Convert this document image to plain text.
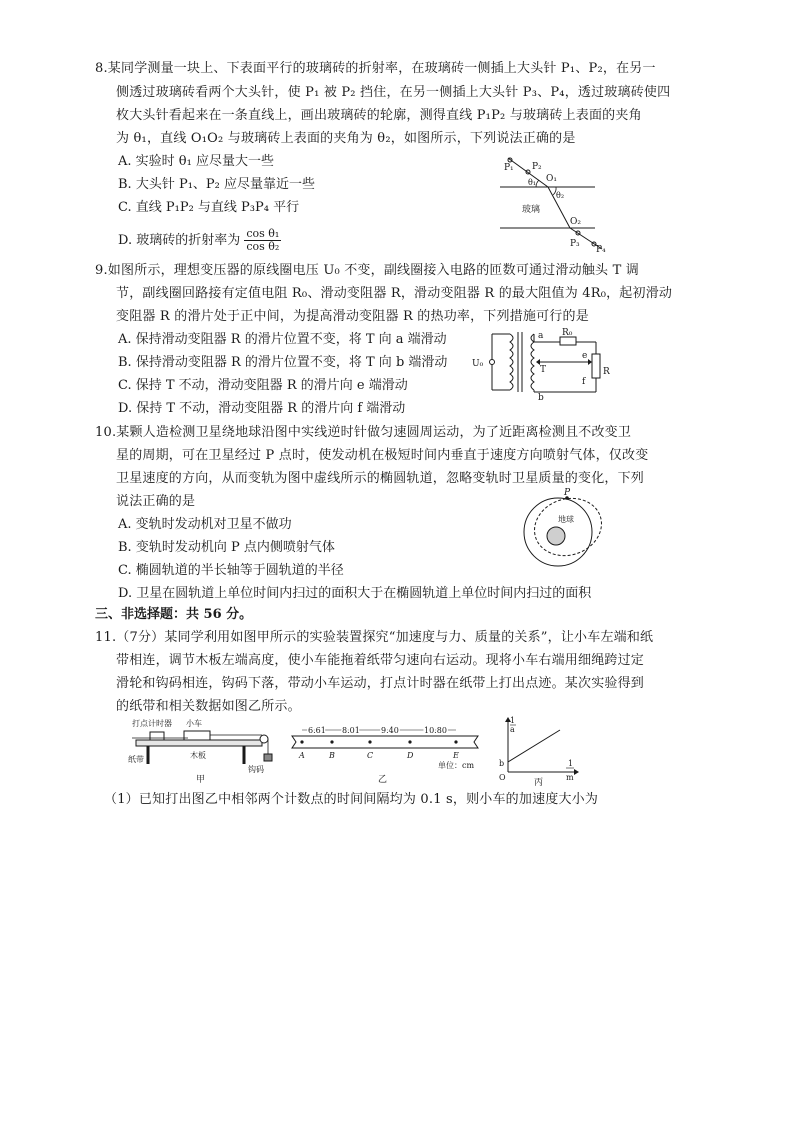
8.某同学测量一块上、下表面平行的玻璃砖的折射率，在玻璃砖一侧插上大头针 P₁、P₂，在另一
侧透过玻璃砖看两个大头针，使 P₁ 被 P₂ 挡住，在另一侧插上大头针 P₃、P₄，透过玻璃砖使四
枚大头针看起来在一条直线上，画出玻璃砖的轮廓，测得直线 P₁P₂ 与玻璃砖上表面的夹角
为 θ₁，直线 O₁O₂ 与玻璃砖上表面的夹角为 θ₂，如图所示，下列说法正确的是
A. 实验时 θ₁ 应尽量大一些
B. 大头针 P₁、P₂ 应尽量靠近一些
C. 直线 P₁P₂ 与直线 P₃P₄ 平行
D. 玻璃砖的折射率为 $\frac{\text{cos θ₁}}{\text{cos θ₂}}$
P₁ P₂
θ₁ O₁
θ₂
玻璃
O₂
P₃
P₄
9.如图所示，理想变压器的原线圈电压 U₀ 不变，副线圈接入电路的匝数可通过滑动触头 T 调
节，副线圈回路接有定值电阻 R₀、滑动变阻器 R，滑动变阻器 R 的最大阻值为 4R₀，起初滑动
变阻器 R 的滑片处于正中间，为提高滑动变阻器 R 的热功率，下列措施可行的是
A. 保持滑动变阻器 R 的滑片位置不变，将 T 向 a 端滑动
B. 保持滑动变阻器 R 的滑片位置不变，将 T 向 b 端滑动
C. 保持 T 不动，滑动变阻器 R 的滑片向 e 端滑动
D. 保持 T 不动，滑动变阻器 R 的滑片向 f 端滑动
U₀
a
b
T
R₀
e
f
R
10.某颗人造检测卫星绕地球沿图中实线逆时针做匀速圆周运动，为了近距离检测且不改变卫
星的周期，可在卫星经过 P 点时，使发动机在极短时间内垂直于速度方向喷射气体，仅改变
卫星速度的方向，从而变轨为图中虚线所示的椭圆轨道，忽略变轨时卫星质量的变化，下列
说法正确的是
A. 变轨时发动机对卫星不做功
B. 变轨时发动机向 P 点内侧喷射气体
C. 椭圆轨道的半长轴等于圆轨道的半径
D. 卫星在圆轨道上单位时间内扫过的面积大于在椭圆轨道上单位时间内扫过的面积
P
地球
三、非选择题：共 56 分。
11.（7分）某同学利用如图甲所示的实验装置探究“加速度与力、质量的关系”，让小车左端和纸
带相连，调节木板左端高度，使小车能拖着纸带匀速向右运动。现将小车右端用细绳跨过定
滑轮和钩码相连，钩码下落，带动小车运动，打点计时器在纸带上打出点迹。某次实验得到
的纸带和相关数据如图乙所示。
打点计时器 小车
纸带	木板
钩码
甲
A	B	C	D	E
6.61 8.01	9.40	10.80
单位：cm
乙
1
a
1
m
b
O
丙
（1）已知打出图乙中相邻两个计数点的时间间隔均为 0.1 s，则小车的加速度大小为
